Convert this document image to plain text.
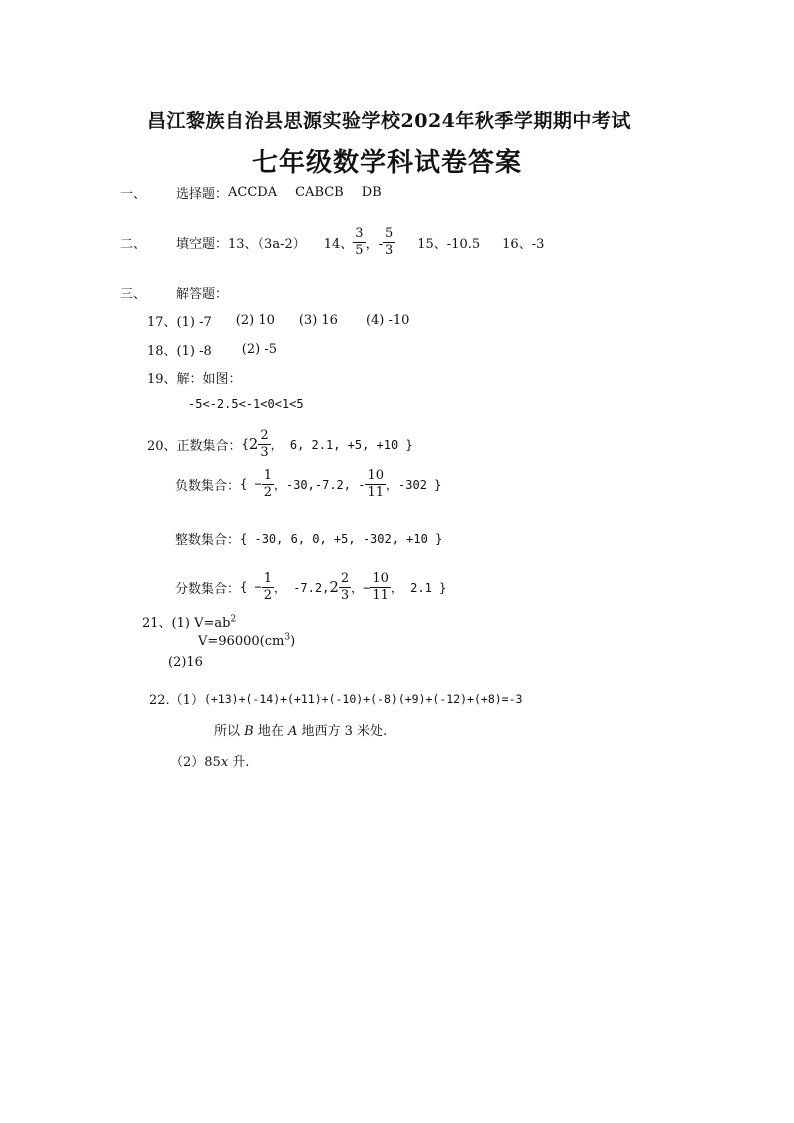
昌江黎族自治县思源实验学校2024年秋季学期期中考试
七年级数学科试卷答案
一、 选择题： ACCDA CABCB DB
二、 填空题： 13、（3a-2） 14、 $\frac{3}{5}$ ，- $\frac{5}{3} 15$、-10.5 16、-3
三、 解答题：
17、(1) -7 (2) 10 (3) 16 (4) -10
18、(1) -8 (2) -5
19、解：如图：
-5<-2.5<-1<0<1<5
20、 正数集合： { $2 \frac{2}{3}$ ， 6, 2.1, +5, +10 }
负数集合： { − $\frac{1}{2}$ ，-30,-7.2, - $\frac{10}{11}$ ，-302 }
整数集合： { -30, 6, 0, +5, -302, +10 }
分数集合： { − $\frac{1}{2}$ ， -7.2, $2 \frac{2}{3}$ ，− $\frac{10}{11}$ ， 2.1 }
21、(1) $V=ab^2$
$V=96000(cm^3)$
(2)16
22.（1） (+13)+(-14)+(+11)+(-10)+(-8)(+9)+(-12)+(+8)=-3
所以 B 地在 A 地西方 3 米处.
（2）85x 升.
